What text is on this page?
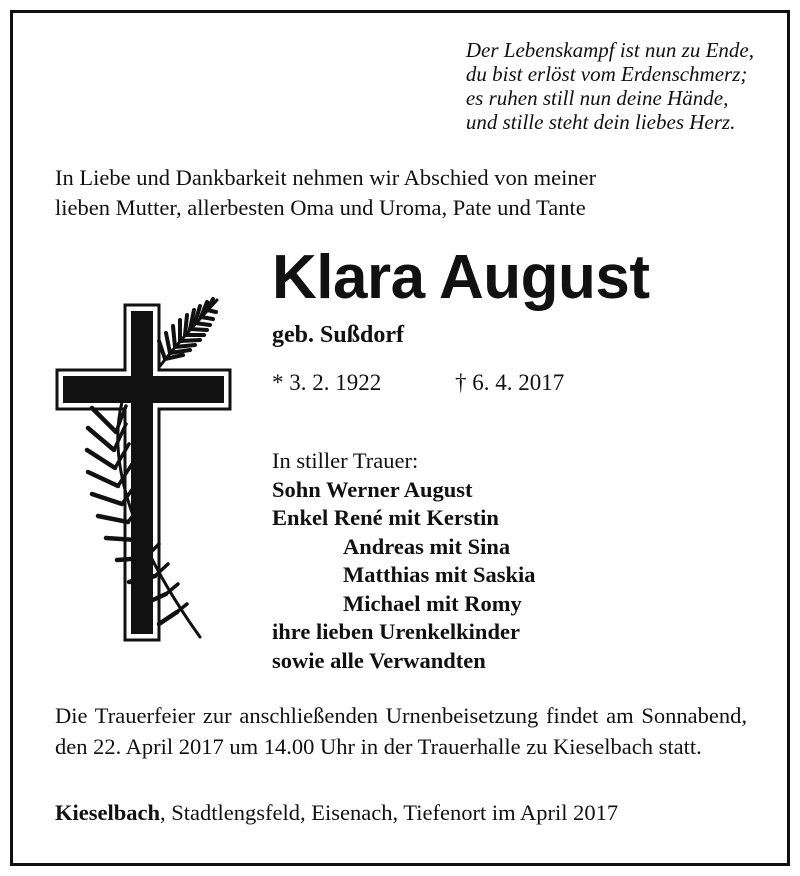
Der Lebenskampf ist nun zu Ende,
du bist erlöst vom Erdenschmerz;
es ruhen still nun deine Hände,
und stille steht dein liebes Herz.
In Liebe und Dankbarkeit nehmen wir Abschied von meiner
lieben Mutter, allerbesten Oma und Uroma, Pate und Tante
Klara August
geb. Sußdorf
* 3. 2. 1922	† 6. 4. 2017
In stiller Trauer:
Sohn Werner August
Enkel René mit Kerstin
Andreas mit Sina
Matthias mit Saskia
Michael mit Romy
ihre lieben Urenkelkinder
sowie alle Verwandten
Die Trauerfeier zur anschließenden Urnenbeisetzung findet am Sonnabend, den 22. April 2017 um 14.00 Uhr in der Trauerhalle zu Kieselbach statt.
Kieselbach, Stadtlengsfeld, Eisenach, Tiefenort im April 2017
